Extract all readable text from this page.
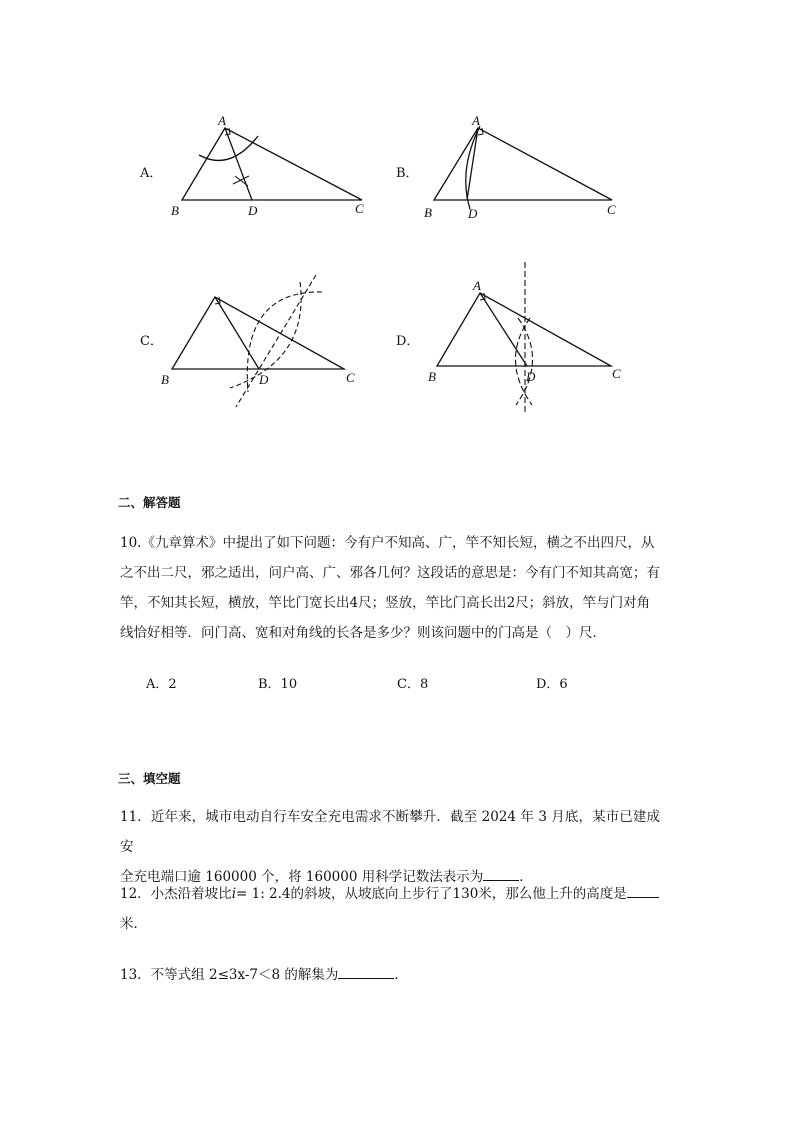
A．	B．
C．	D．
A
B	D	C
A
B	D	C
B	D	C
A
B	D	C
二、解答题
10.《九章算术》中提出了如下问题：今有户不知高、广，竿不知长短，横之不出四尺，从
之不出二尺，邪之适出，问户高、广、邪各几何？这段话的意思是：今有门不知其高宽；有
竿，不知其长短，横放，竿比门宽长出4尺；竖放，竿比门高长出2尺；斜放，竿与门对角
线恰好相等．问门高、宽和对角线的长各是多少？则该问题中的门高是（　）尺．
A．2	B．10	C．8	D．6
三、填空题
11．近年来，城市电动自行车安全充电需求不断攀升．截至 2024 年 3 月底，某市已建成安
全充电端口逾 160000 个，将 160000 用科学记数法表示为	．
12．小杰沿着坡比i= 1: 2.4的斜坡，从坡底向上步行了130米，那么他上升的高度是
米．
13．不等式组 2≤3x-7＜8 的解集为	．
